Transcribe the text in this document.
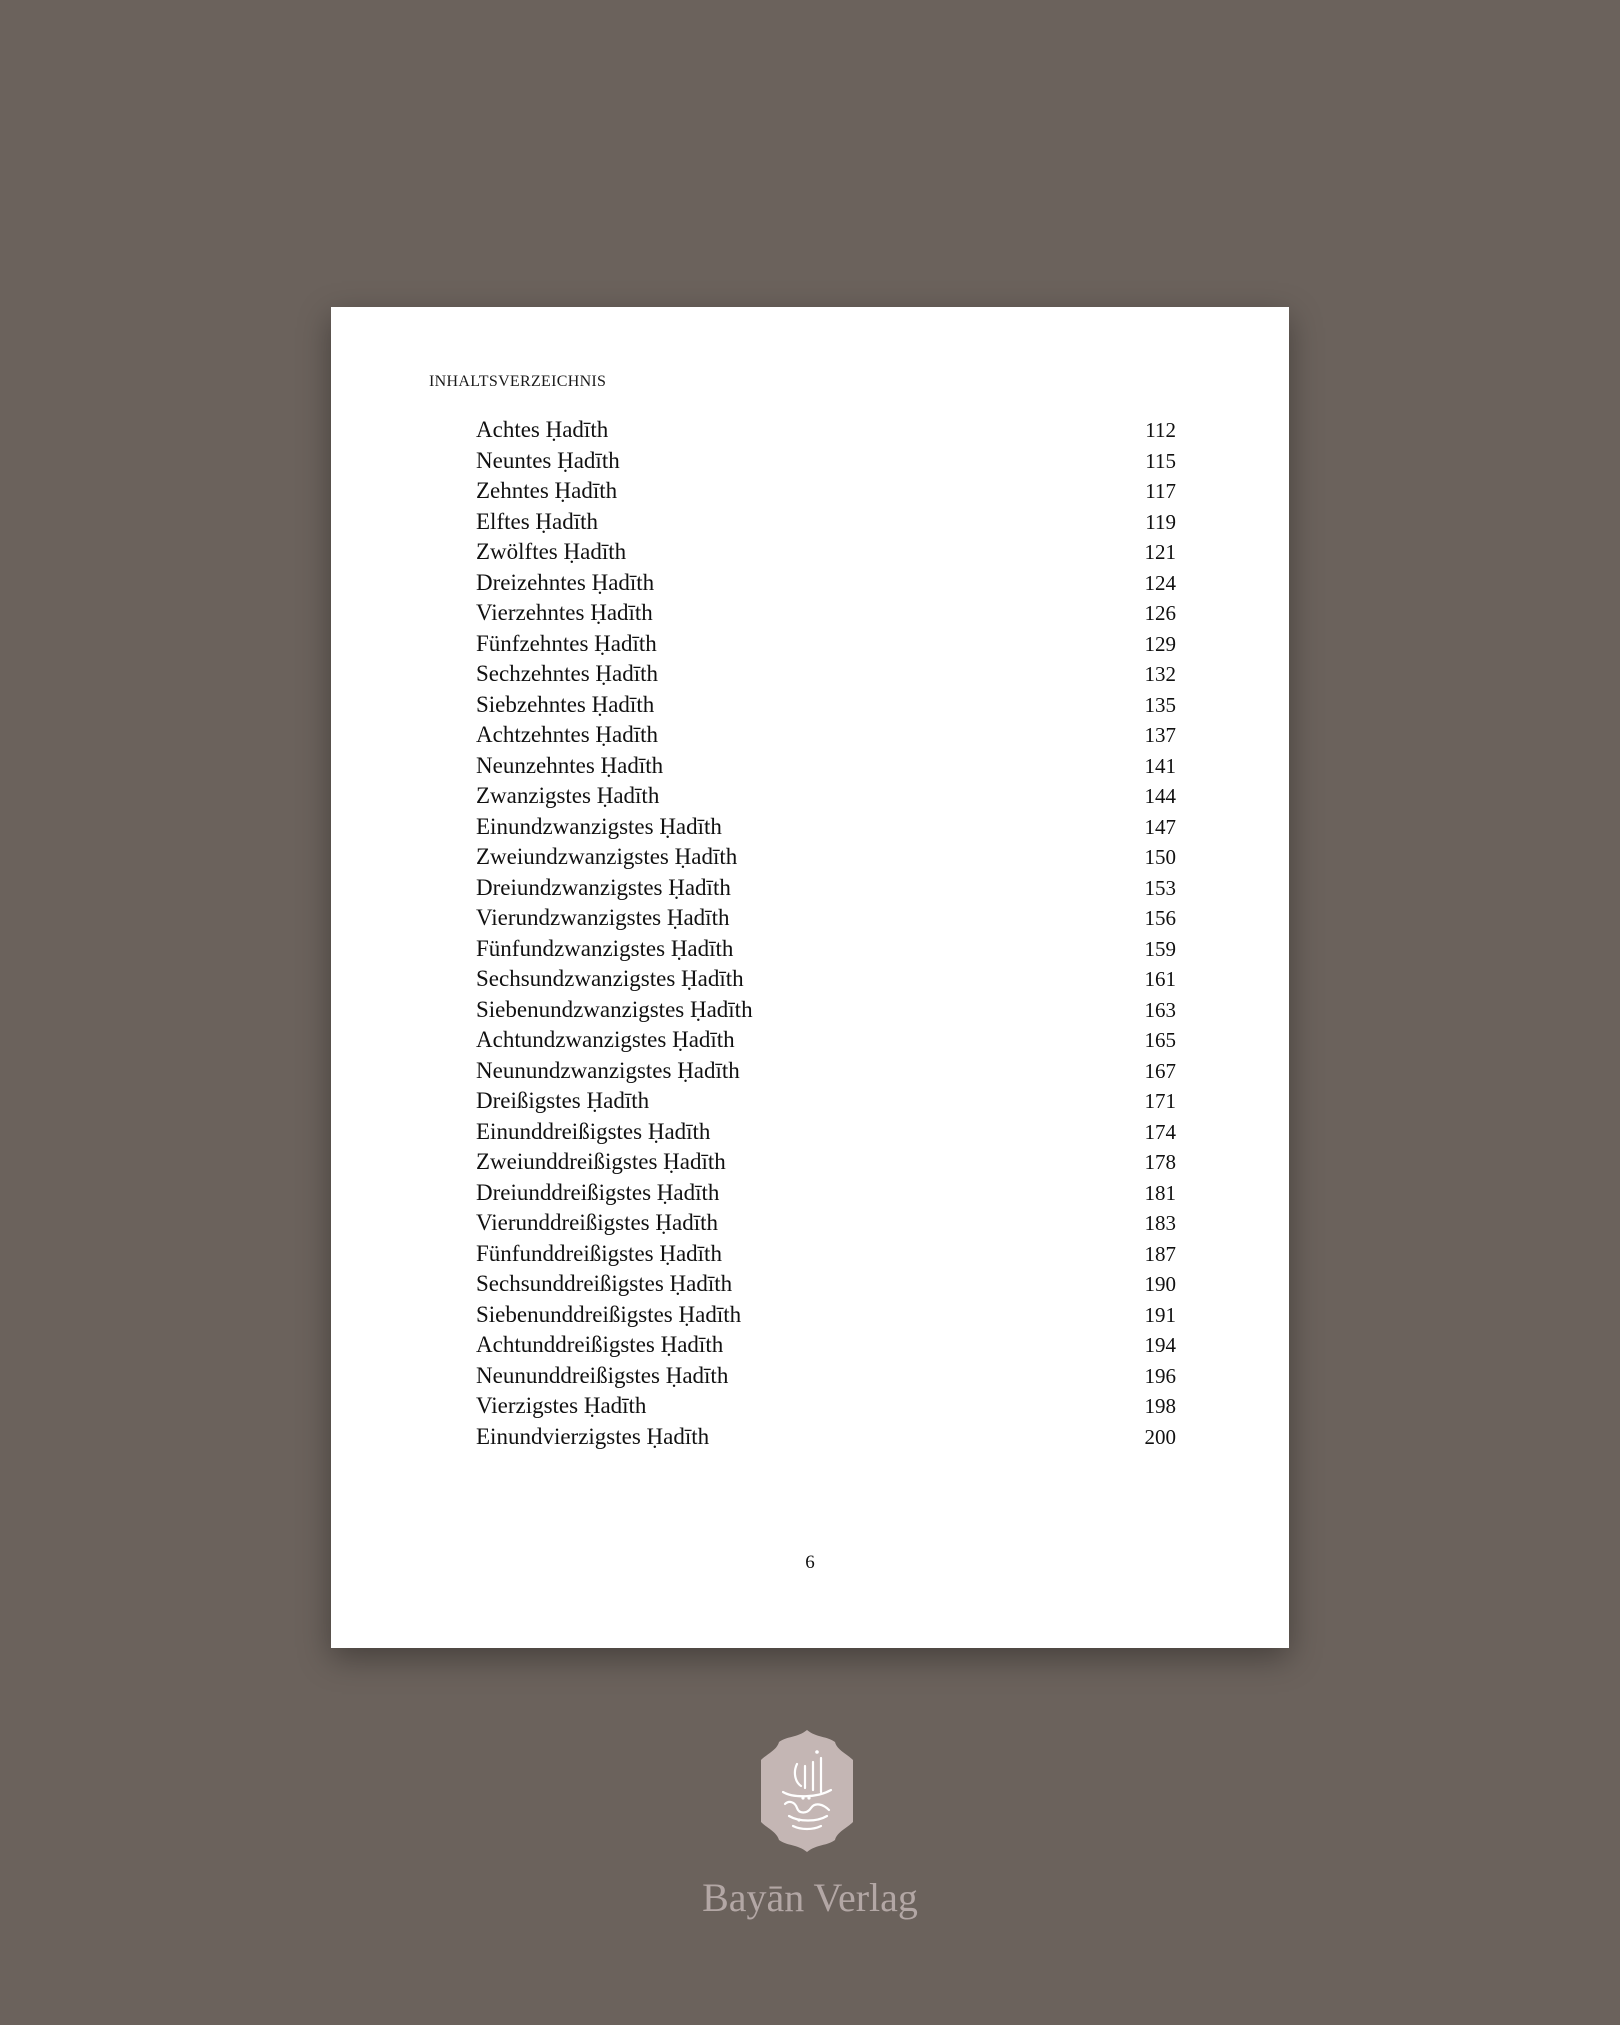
INHALTSVERZEICHNIS
Achtes Ḥadīth	112
Neuntes Ḥadīth	115
Zehntes Ḥadīth	117
Elftes Ḥadīth	119
Zwölftes Ḥadīth	121
Dreizehntes Ḥadīth	124
Vierzehntes Ḥadīth	126
Fünfzehntes Ḥadīth	129
Sechzehntes Ḥadīth	132
Siebzehntes Ḥadīth	135
Achtzehntes Ḥadīth	137
Neunzehntes Ḥadīth	141
Zwanzigstes Ḥadīth	144
Einundzwanzigstes Ḥadīth	147
Zweiundzwanzigstes Ḥadīth	150
Dreiundzwanzigstes Ḥadīth	153
Vierundzwanzigstes Ḥadīth	156
Fünfundzwanzigstes Ḥadīth	159
Sechsundzwanzigstes Ḥadīth	161
Siebenundzwanzigstes Ḥadīth	163
Achtundzwanzigstes Ḥadīth	165
Neunundzwanzigstes Ḥadīth	167
Dreißigstes Ḥadīth	171
Einunddreißigstes Ḥadīth	174
Zweiunddreißigstes Ḥadīth	178
Dreiunddreißigstes Ḥadīth	181
Vierunddreißigstes Ḥadīth	183
Fünfunddreißigstes Ḥadīth	187
Sechsunddreißigstes Ḥadīth	190
Siebenunddreißigstes Ḥadīth	191
Achtunddreißigstes Ḥadīth	194
Neununddreißigstes Ḥadīth	196
Vierzigstes Ḥadīth	198
Einundvierzigstes Ḥadīth	200
6
Bayān Verlag
